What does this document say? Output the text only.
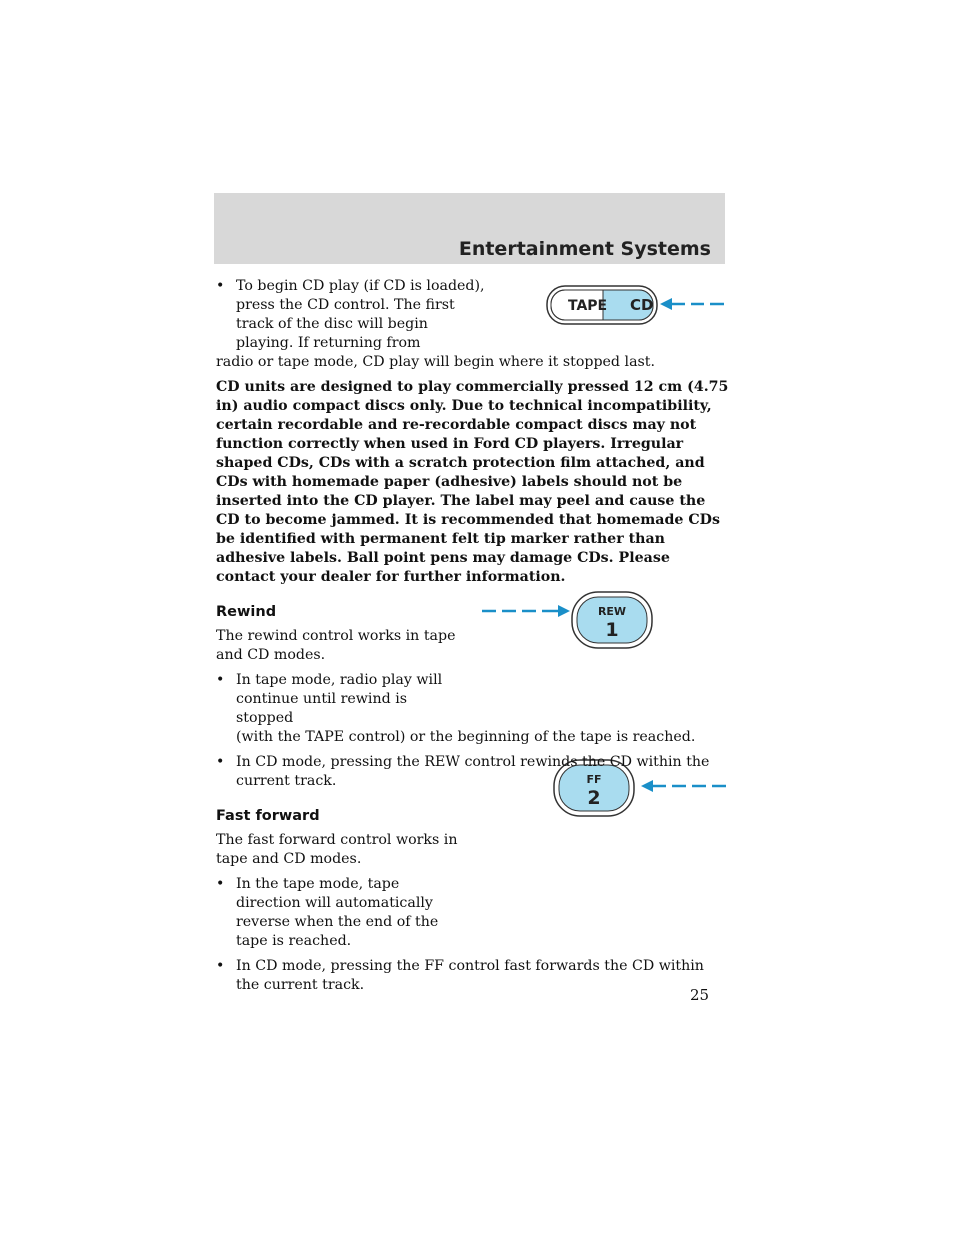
Entertainment Systems
TAPE CD
REW
1
FF
2
• To begin CD play (if CD is loaded), press the CD control. The first track of the disc will begin playing. If returning from
radio or tape mode, CD play will begin where it stopped last.

CD units are designed to play commercially pressed 12 cm (4.75 in) audio compact discs only. Due to technical incompatibility, certain recordable and re-recordable compact discs may not function correctly when used in Ford CD players. Irregular shaped CDs, CDs with a scratch protection film attached, and CDs with homemade paper (adhesive) labels should not be inserted into the CD player. The label may peel and cause the CD to become jammed. It is recommended that homemade CDs be identified with permanent felt tip marker rather than adhesive labels. Ball point pens may damage CDs. Please contact your dealer for further information.

Rewind

The rewind control works in tape and CD modes.

• In tape mode, radio play will continue until rewind is stopped
(with the TAPE control) or the beginning of the tape is reached.
• In CD mode, pressing the REW control rewinds the CD within the current track.
Fast forward

The fast forward control works in tape and CD modes.

• In the tape mode, tape direction will automatically reverse when the end of the tape is reached.
• In CD mode, pressing the FF control fast forwards the CD within the current track.
25
